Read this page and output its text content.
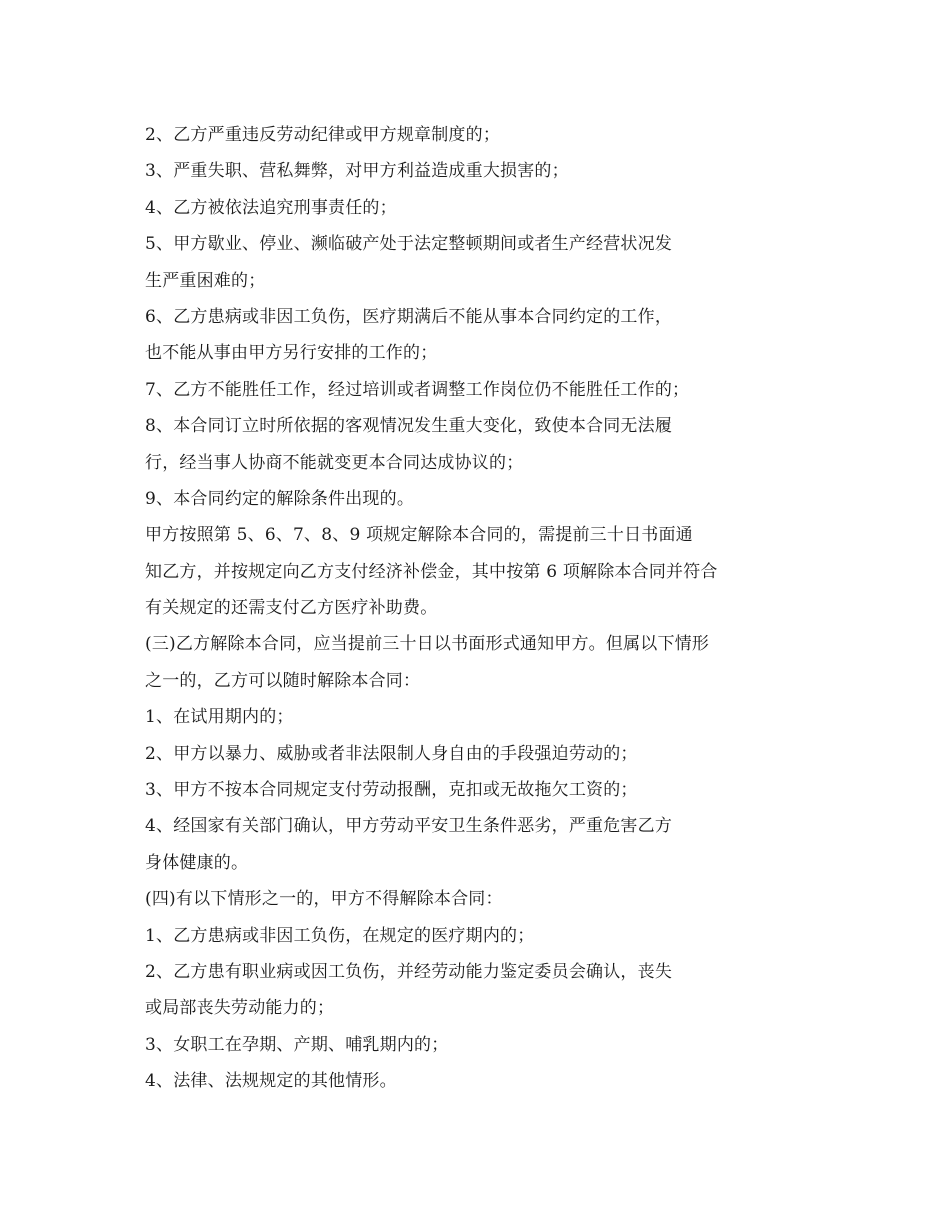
2、乙方严重违反劳动纪律或甲方规章制度的；
3、严重失职、营私舞弊，对甲方利益造成重大损害的；
4、乙方被依法追究刑事责任的；
5、甲方歇业、停业、濒临破产处于法定整顿期间或者生产经营状况发
生严重困难的；
6、乙方患病或非因工负伤，医疗期满后不能从事本合同约定的工作，
也不能从事由甲方另行安排的工作的；
7、乙方不能胜任工作，经过培训或者调整工作岗位仍不能胜任工作的；
8、本合同订立时所依据的客观情况发生重大变化，致使本合同无法履
行，经当事人协商不能就变更本合同达成协议的；
9、本合同约定的解除条件出现的。
甲方按照第 5、6、7、8、9 项规定解除本合同的，需提前三十日书面通
知乙方，并按规定向乙方支付经济补偿金，其中按第 6 项解除本合同并符合
有关规定的还需支付乙方医疗补助费。
(三)乙方解除本合同，应当提前三十日以书面形式通知甲方。但属以下情形
之一的，乙方可以随时解除本合同：
1、在试用期内的；
2、甲方以暴力、威胁或者非法限制人身自由的手段强迫劳动的；
3、甲方不按本合同规定支付劳动报酬，克扣或无故拖欠工资的；
4、经国家有关部门确认，甲方劳动平安卫生条件恶劣，严重危害乙方
身体健康的。
(四)有以下情形之一的，甲方不得解除本合同：
1、乙方患病或非因工负伤，在规定的医疗期内的；
2、乙方患有职业病或因工负伤，并经劳动能力鉴定委员会确认，丧失
或局部丧失劳动能力的；
3、女职工在孕期、产期、哺乳期内的；
4、法律、法规规定的其他情形。
